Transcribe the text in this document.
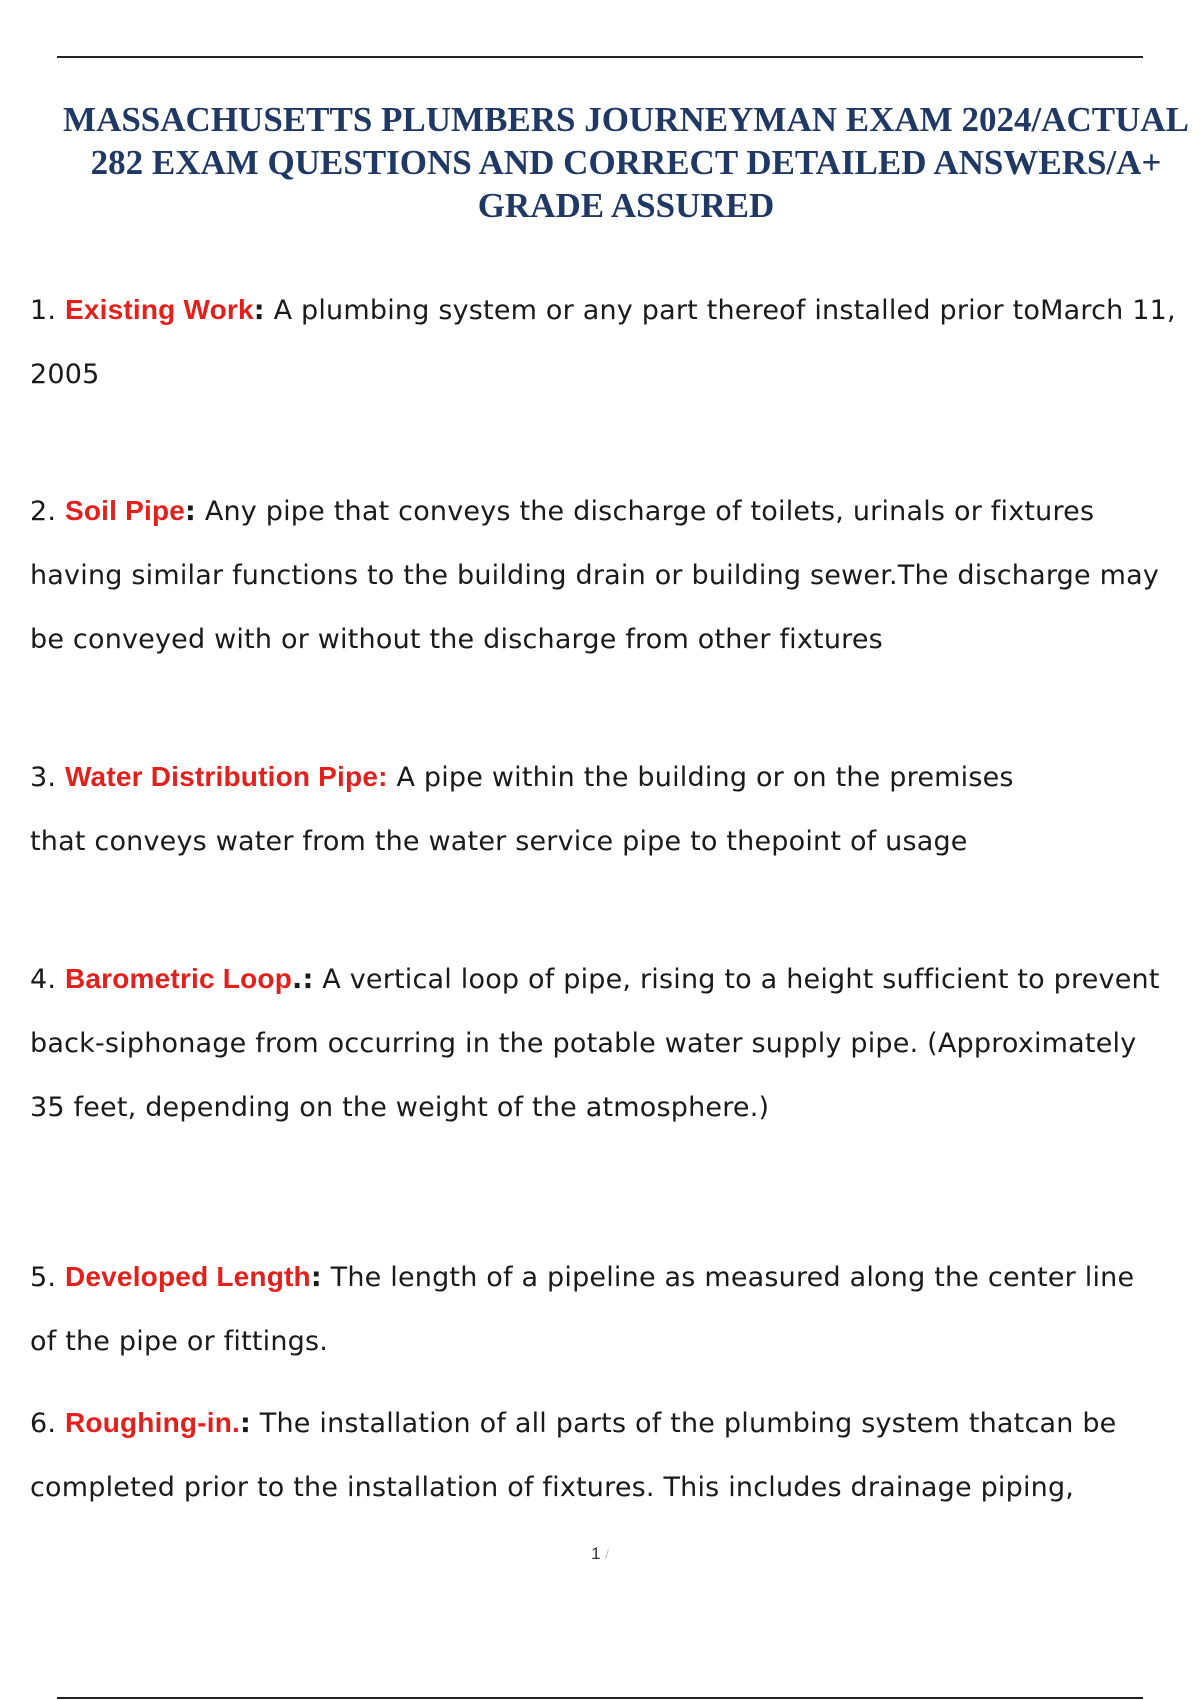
MASSACHUSETTS PLUMBERS JOURNEYMAN EXAM 2024/ACTUAL
282 EXAM QUESTIONS AND CORRECT DETAILED ANSWERS/A+
GRADE ASSURED
1. Existing Work: A plumbing system or any part thereof installed prior toMarch 11,
2005
2. Soil Pipe: Any pipe that conveys the discharge of toilets, urinals or fixtures
having similar functions to the building drain or building sewer.The discharge may
be conveyed with or without the discharge from other fixtures
3. Water Distribution Pipe: A pipe within the building or on the premises
that conveys water from the water service pipe to thepoint of usage
4. Barometric Loop.: A vertical loop of pipe, rising to a height sufficient to prevent
back-siphonage from occurring in the potable water supply pipe. (Approximately
35 feet, depending on the weight of the atmosphere.)
5. Developed Length: The length of a pipeline as measured along the center line
of the pipe or fittings.
6. Roughing-in.: The installation of all parts of the plumbing system thatcan be
completed prior to the installation of fixtures. This includes drainage piping,
1 /
